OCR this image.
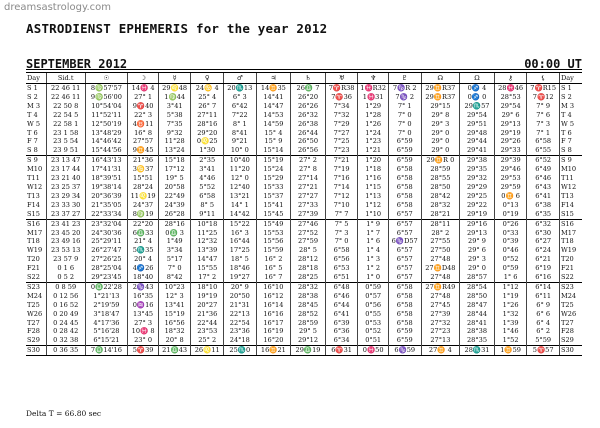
dreamsastrology.com
ASTRODIENST EPHEMERIS for the year 2012
SEPTEMBER 2012	00:00 UT
Day	Sid.t	☉	☽	☿	♀	♂	♃	♄	♅	♆	♇	☊	Ω	⚷	⚸	Day
S 1	22 46 11	8♍57'57	14♓ 4	29♌48	24♋ 4	20♏13	14♊35	26♎ 7	7♈R38	1♓R32	7♑R 2	29♊R37	0♐ 4	28♓46	7♈R15	S 1
S 2	22 46 11	9♍56'00	27° 1	1♍44	25° 4	6° 3	14°41	26°20	7♈36	1♓31	7♑ 2	29♊R37	0♐ 0	28°53	7♈12	S 2
M 3	22 50 8	10°54'04	9♈40	3°41	26° 7	6°42	14°47	26°26	7°34	1°29	7° 1	29°15	29♏57	29°54	7° 9	M 3
T 4	22 54 5	11°52'11	22° 3	5°38	27°11	7°22	14°53	26°32	7°32	1°28	7° 0	29° 8	29°54	29° 6	7° 6	T 4
W 5	22 58 1	12°50'19	4♉11	7°35	28°16	8° 1	14°59	26°38	7°29	1°26	7° 0	29° 3	29°51	29°13	7° 3	W 5
T 6	23 1 58	13°48'29	16° 8	9°32	29°20	8°41	15° 4	26°44	7°27	1°24	7° 0	29° 0	29°48	29°19	7° 1	T 6
F 7	23 5 54	14°46'42	27°57	11°28	0♌25	9°21	15° 9	26°50	7°25	1°23	6°59	29° 0	29°44	29°26	6°58	F 7
S 8	23 9 51	15°44'56	9♊45	13°24	1°30	10° 0	15°14	26°56	7°23	1°21	6°59	29° 0	29°41	29°33	6°55	S 8
S 9	23 13 47	16°43'13	21°36	15°18	2°35	10°40	15°19	27° 2	7°21	1°20	6°59	29♊R 0	29°38	29°39	6°52	S 9
M10	23 17 44	17°41'31	3♋37	17°12	3°41	11°20	15°24	27° 8	7°19	1°18	6°58	28°59	29°35	29°46	6°49	M10
T11	23 21 40	18°39'51	15°51	19° 5	4°46	12° 0	15°29	27°14	7°16	1°16	6°58	28°55	29°32	29°53	6°46	T11
W12	23 25 37	19°38'14	28°24	20°58	5°52	12°40	15°33	27°21	7°14	1°15	6°58	28°50	29°29	29°59	6°43	W12
T13	23 29 34	20°36'39	11♌19	22°49	6°58	13°21	15°37	27°27	7°12	1°13	6°58	28°42	29°25	0♊ 6	6°41	T13
F14	23 33 30	21°35'05	24°37	24°39	8° 5	14° 1	15°41	27°33	7°10	1°12	6°58	28°32	29°22	0°13	6°38	F14
S15	23 37 27	22°33'34	8♍19	26°28	9°11	14°42	15°45	27°39	7° 7	1°10	6°57	28°21	29°19	0°19	6°35	S15
S16	23 41 23	23°32'04	22°20	28°16	10°18	15°22	15°49	27°46	7° 5	1° 9	6°57	28°11	29°16	0°26	6°32	S16
M17	23 45 20	24°30'36	6♎33	0♎ 3	11°25	16° 3	15°53	27°52	7° 3	1° 7	6°57	28° 2	29°13	0°33	6°30	M17
T18	23 49 16	25°29'11	21° 4	1°49	12°32	16°44	15°56	27°59	7° 0	1° 6	6♑D57	27°55	29° 9	0°39	6°27	T18
W19	23 53 13	26°27'47	5♏35	3°34	13°39	17°25	15°59	28° 5	6°58	1° 4	6°57	27°50	29° 6	0°46	6°24	W19
T20	23 57 9	27°26'25	20° 4	5°17	14°47	18° 5	16° 2	28°12	6°56	1° 3	6°57	27°48	29° 3	0°52	6°21	T20
F21	0 1 6	28°25'04	4♐26	7° 0	15°55	18°46	16° 5	28°18	6°53	1° 2	6°57	27♊D48	29° 0	0°59	6°19	F21
S22	0 5 2	29°23'45	18°40	8°42	17° 2	19°27	16° 7	28°25	6°51	1° 0	6°57	27°48	28°57	1° 6	6°16	S22
S23	0 8 59	0♎22'28	2♑43	10°23	18°10	20° 9	16°10	28°32	6°48	0°59	6°58	27♊R49	28°54	1°12	6°14	S23
M24	0 12 56	1°21'13	16°35	12° 3	19°19	20°50	16°12	28°38	6°46	0°57	6°58	27°48	28°50	1°19	6°11	M24
T25	0 16 52	2°19'59	0♒16	13°41	20°27	21°31	16°14	28°45	6°44	0°56	6°58	27°45	28°47	1°26	6° 9	T25
W26	0 20 49	3°18'47	13°45	15°19	21°36	22°13	16°16	28°52	6°41	0°55	6°58	27°39	28°44	1°32	6° 6	W26
T27	0 24 45	4°17'36	27° 3	16°56	22°44	22°54	16°17	28°59	6°39	0°53	6°58	27°32	28°41	1°39	6° 4	T27
F28	0 28 42	5°16'28	10♓ 8	18°32	23°53	23°36	16°19	29° 5	6°36	0°52	6°59	27°23	28°38	1°46	6° 2	F28
S29	0 32 38	6°15'21	23° 0	20° 8	25° 2	24°18	16°20	29°12	6°34	0°51	6°59	27°13	28°35	1°52	5°59	S29
S30	0 36 35	7♎14'16	5♈39	21♎43	26♌11	25♏0	16♊21	29♎19	6♈31	0♓50	6♑59	27♊ 4	28♏31	1♊59	5♈57	S30
Delta T = 66.80 sec
